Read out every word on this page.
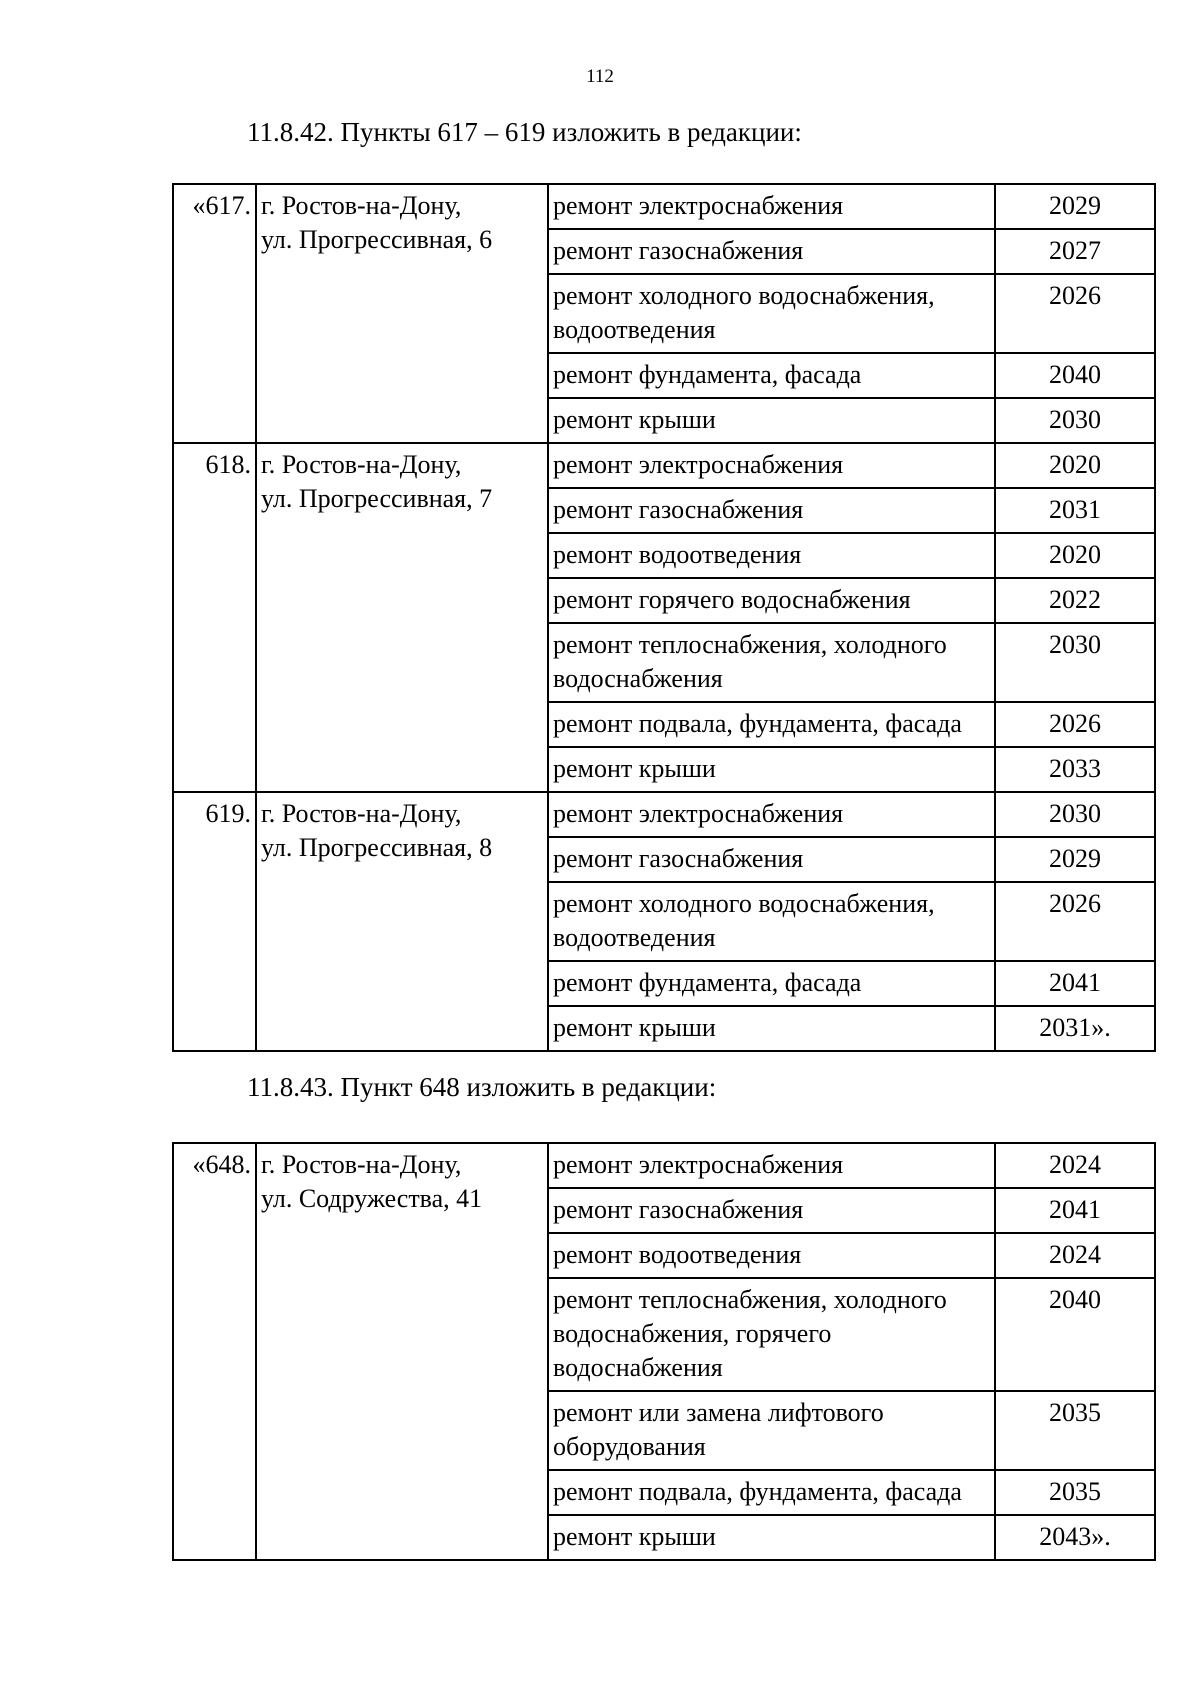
112
11.8.42. Пункты 617 – 619 изложить в редакции:
«617.	г. Ростов-на-Дону,
ул. Прогрессивная, 6	ремонт электроснабжения	2029
		ремонт газоснабжения	2027
		ремонт холодного водоснабжения, водоотведения	2026
		ремонт фундамента, фасада	2040
		ремонт крыши	2030
618.	г. Ростов-на-Дону,
ул. Прогрессивная, 7	ремонт электроснабжения	2020
		ремонт газоснабжения	2031
		ремонт водоотведения	2020
		ремонт горячего водоснабжения	2022
		ремонт теплоснабжения, холодного водоснабжения	2030
		ремонт подвала, фундамента, фасада	2026
		ремонт крыши	2033
619.	г. Ростов-на-Дону,
ул. Прогрессивная, 8	ремонт электроснабжения	2030
		ремонт газоснабжения	2029
		ремонт холодного водоснабжения, водоотведения	2026
		ремонт фундамента, фасада	2041
		ремонт крыши	2031».
11.8.43. Пункт 648 изложить в редакции:
«648.	г. Ростов-на-Дону,
ул. Содружества, 41	ремонт электроснабжения	2024
		ремонт газоснабжения	2041
		ремонт водоотведения	2024
		ремонт теплоснабжения, холодного водоснабжения, горячего водоснабжения	2040
		ремонт или замена лифтового оборудования	2035
		ремонт подвала, фундамента, фасада	2035
		ремонт крыши	2043».
